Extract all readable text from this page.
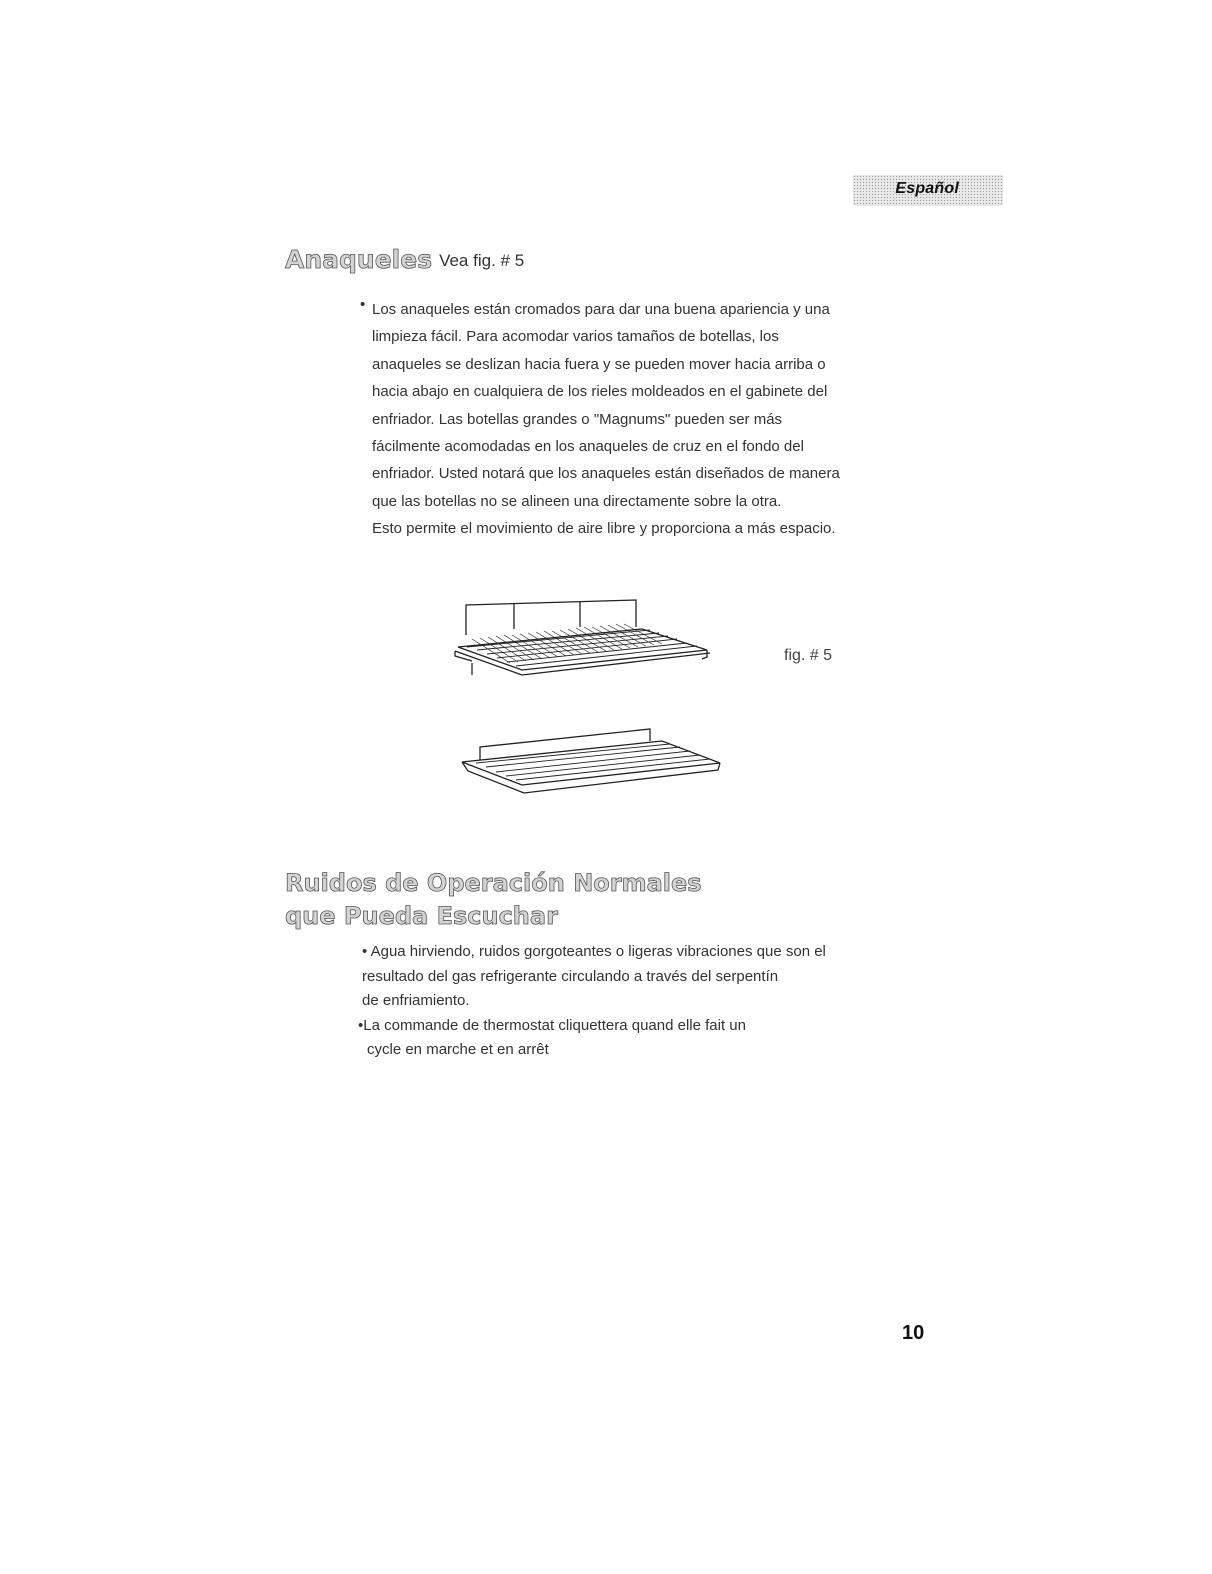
Español
Anaqueles Vea fig. # 5
• Los anaqueles están cromados para dar una buena apariencia y una
limpieza fácil. Para acomodar varios tamaños de botellas, los
anaqueles se deslizan hacia fuera y se pueden mover hacia arriba o
hacia abajo en cualquiera de los rieles moldeados en el gabinete del
enfriador. Las botellas grandes o "Magnums" pueden ser más
fácilmente acomodadas en los anaqueles de cruz en el fondo del
enfriador. Usted notará que los anaqueles están diseñados de manera
que las botellas no se alineen una directamente sobre la otra.
Esto permite el movimiento de aire libre y proporciona a más espacio.

fig. # 5
Ruidos de Operación Normales
que Pueda Escuchar
• Agua hirviendo, ruidos gorgoteantes o ligeras vibraciones que son el
resultado del gas refrigerante circulando a través del serpentín
de enfriamiento.
•La commande de thermostat cliquettera quand elle fait un
cycle en marche et en arrêt
10
